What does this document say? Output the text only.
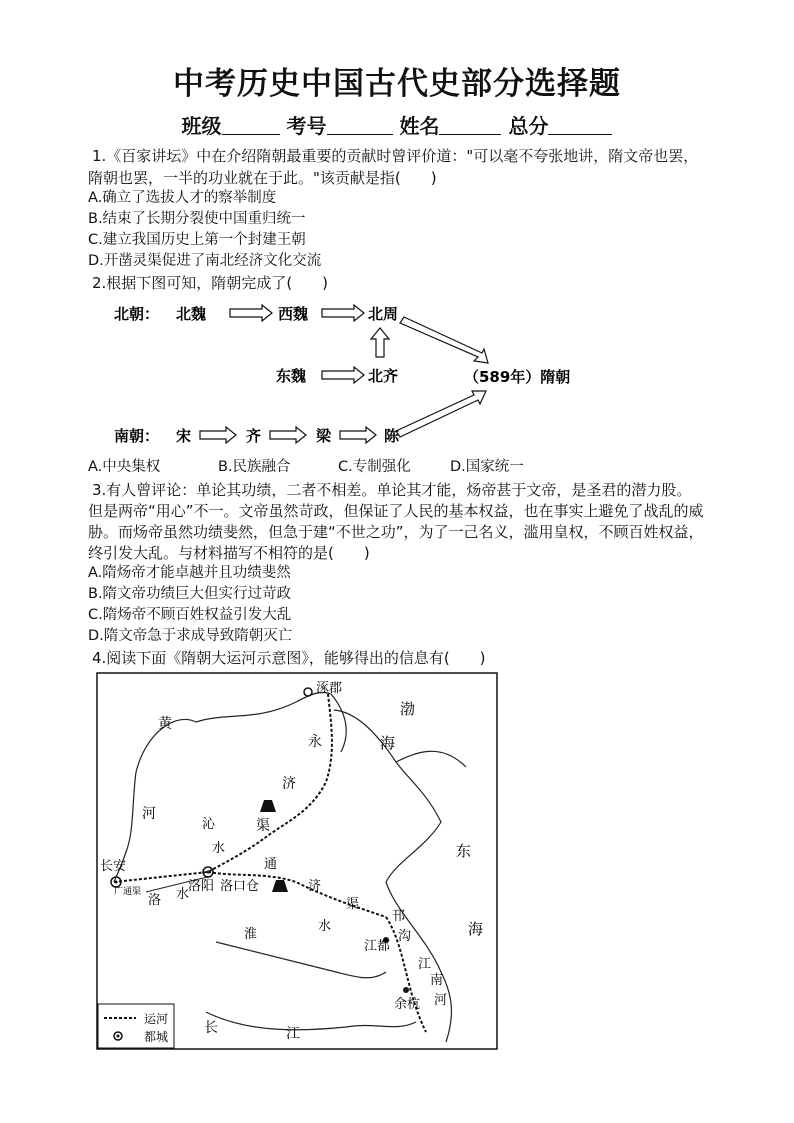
中考历史中国古代史部分选择题
班级	考号	姓名	总分
1.《百家讲坛》中在介绍隋朝最重要的贡献时曾评价道："可以毫不夸张地讲，隋文帝也罢，
隋朝也罢，一半的功业就在于此。"该贡献是指(　　)
A.确立了选拔人才的察举制度
B.结束了长期分裂使中国重归统一
C.建立我国历史上第一个封建王朝
D.开凿灵渠促进了南北经济文化交流
2.根据下图可知，隋朝完成了(　　)
北朝： 北魏	西魏	北周
东魏	北齐	（589年）隋朝
南朝： 宋	齐	梁	陈
A.中央集权	B.民族融合	C.专制强化	D.国家统一
3.有人曾评论：单论其功绩，二者不相差。单论其才能，炀帝甚于文帝，是圣君的潜力股。
但是两帝“用心”不一。文帝虽然苛政，但保证了人民的基本权益，也在事实上避免了战乱的威
胁。而炀帝虽然功绩斐然，但急于建“不世之功”，为了一己名义，滥用皇权，不顾百姓权益，
终引发大乱。与材料描写不相符的是(　　)
A.隋炀帝才能卓越并且功绩斐然
B.隋文帝功绩巨大但实行过苛政
C.隋炀帝不顾百姓权益引发大乱
D.隋文帝急于求成导致隋朝灭亡
4.阅读下面《隋朝大运河示意图》，能够得出的信息有(　　)
运河
都城
涿郡
长安
洛阳 洛口仓
江都
余杭
黄
河
永
济
渠
沁
水
通
济
渠
洛 水
淮
水
邗
沟
江
南
河
长	江
广通渠
渤
海
东
海
